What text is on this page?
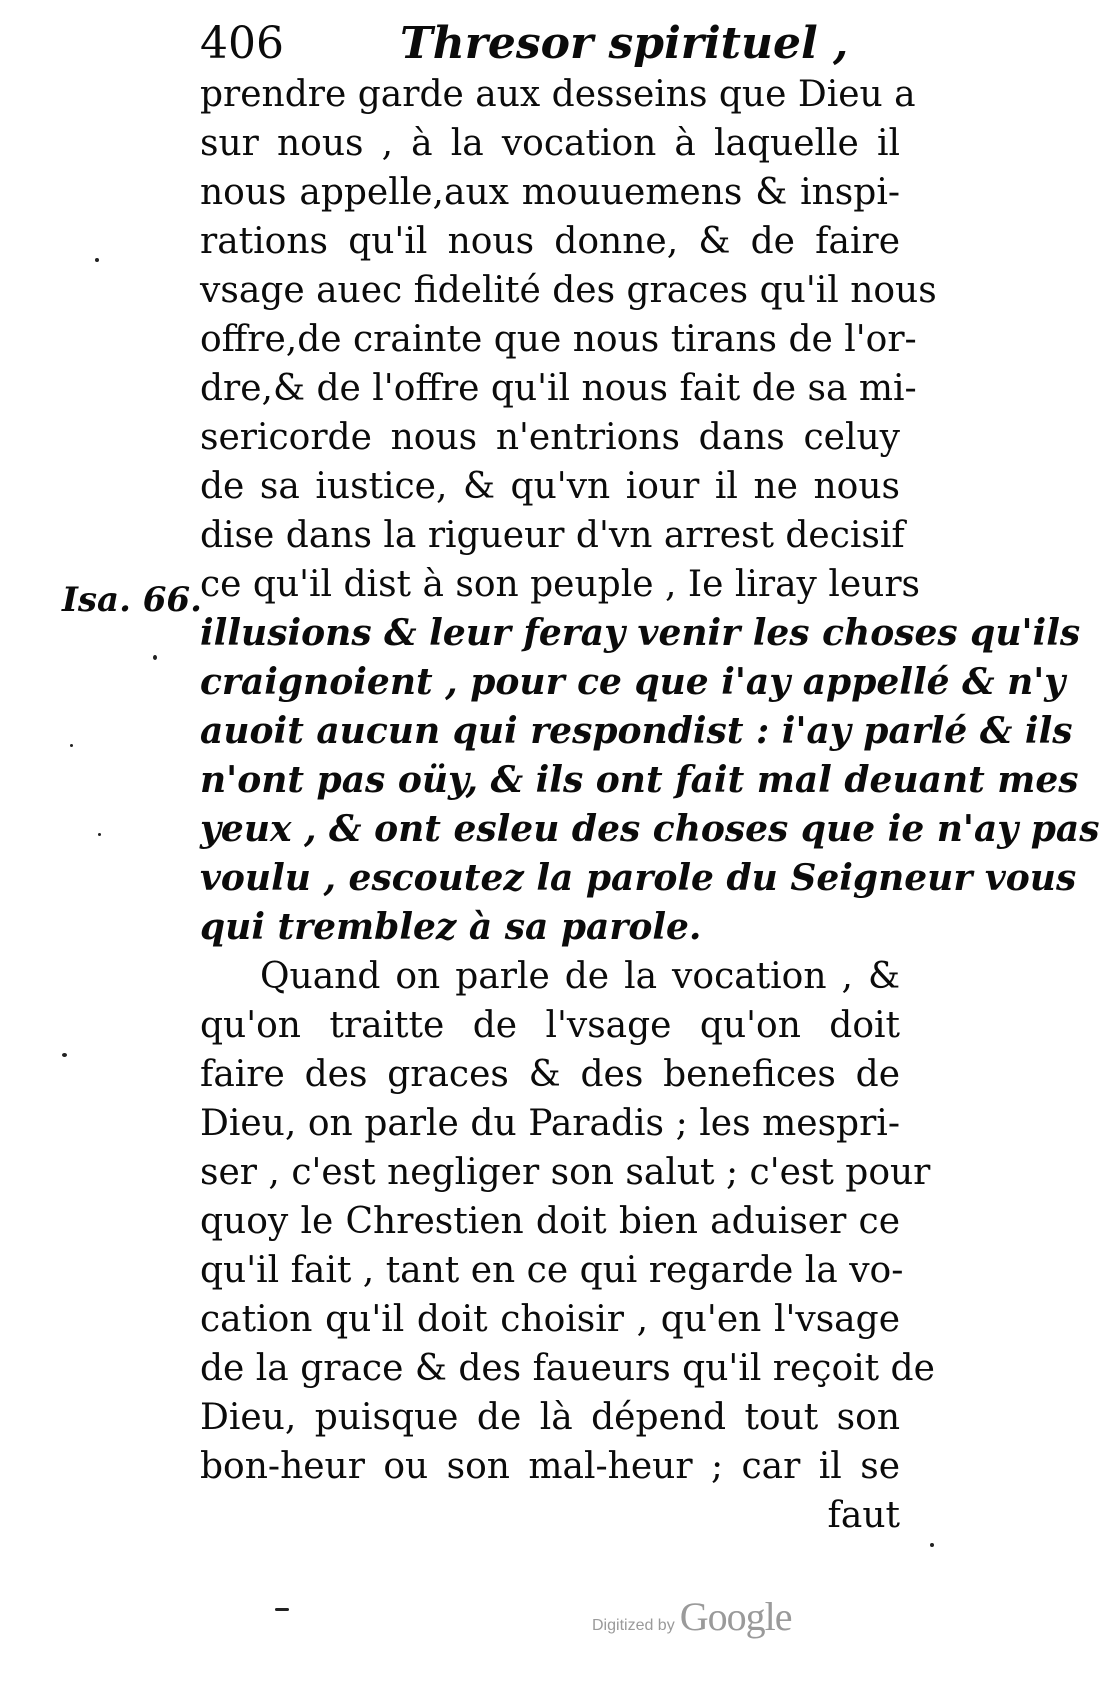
406	Thresor spirituel ,
Isa. 66.
prendre garde aux desseins que Dieu a
sur nous , à la vocation à laquelle il
nous appelle,aux mouuemens & inspi-
rations qu'il nous donne, & de faire
vsage auec fidelité des graces qu'il nous
offre,de crainte que nous tirans de l'or-
dre,& de l'offre qu'il nous fait de sa mi-
sericorde nous n'entrions dans celuy
de sa iustice, & qu'vn iour il ne nous
dise dans la rigueur d'vn arrest decisif
ce qu'il dist à son peuple , Ie liray leurs
illusions & leur feray venir les choses qu'ils
craignoient , pour ce que i'ay appellé & n'y
auoit aucun qui respondist : i'ay parlé & ils
n'ont pas oüy, & ils ont fait mal deuant mes
yeux , & ont esleu des choses que ie n'ay pas
voulu , escoutez la parole du Seigneur vous
qui tremblez à sa parole.
Quand on parle de la vocation , &
qu'on traitte de l'vsage qu'on doit
faire des graces & des benefices de
Dieu, on parle du Paradis ; les mespri-
ser , c'est negliger son salut ; c'est pour
quoy le Chrestien doit bien aduiser ce
qu'il fait , tant en ce qui regarde la vo-
cation qu'il doit choisir , qu'en l'vsage
de la grace & des faueurs qu'il reçoit de
Dieu, puisque de là dépend tout son
bon-heur ou son mal-heur ; car il se
faut
Digitized by Google
